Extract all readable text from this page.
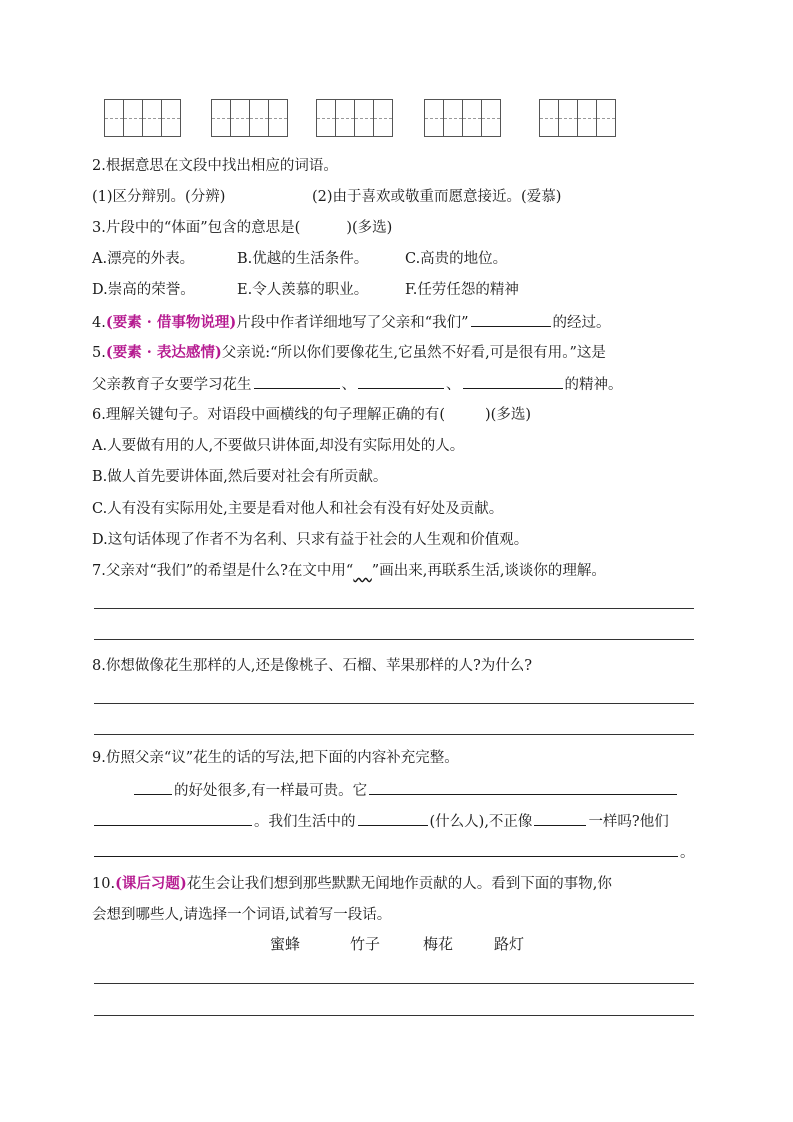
2.根据意思在文段中找出相应的词语。
(1)区分辩别。(分辨)	(2)由于喜欢或敬重而愿意接近。(爱慕)
3.片段中的“体面”包含的意思是(	)(多选)
A.漂亮的外表。	B.优越的生活条件。	C.高贵的地位。
D.崇高的荣誉。	E.令人羡慕的职业。	F.任劳任怨的精神
4.(要素 · 借事物说理)片段中作者详细地写了父亲和“我们”	的经过。
5.(要素 · 表达感情)父亲说:“所以你们要像花生,它虽然不好看,可是很有用。”这是
父亲教育子女要学习花生	、	、	的精神。
6.理解关键句子。对语段中画横线的句子理解正确的有(	)(多选)
A.人要做有用的人,不要做只讲体面,却没有实际用处的人。
B.做人首先要讲体面,然后要对社会有所贡献。
C.人有没有实际用处,主要是看对他人和社会有没有好处及贡献。
D.这句话体现了作者不为名利、只求有益于社会的人生观和价值观。
7.父亲对“我们”的希望是什么?在文中用“ ”画出来,再联系生活,谈谈你的理解。
8.你想做像花生那样的人,还是像桃子、石榴、苹果那样的人?为什么?
9.仿照父亲“议”花生的话的写法,把下面的内容补充完整。
的好处很多,有一样最可贵。它
。我们生活中的	(什么人),不正像	一样吗?他们
。
10.(课后习题)花生会让我们想到那些默默无闻地作贡献的人。看到下面的事物,你
会想到哪些人,请选择一个词语,试着写一段话。
蜜蜂	竹子	梅花	路灯
